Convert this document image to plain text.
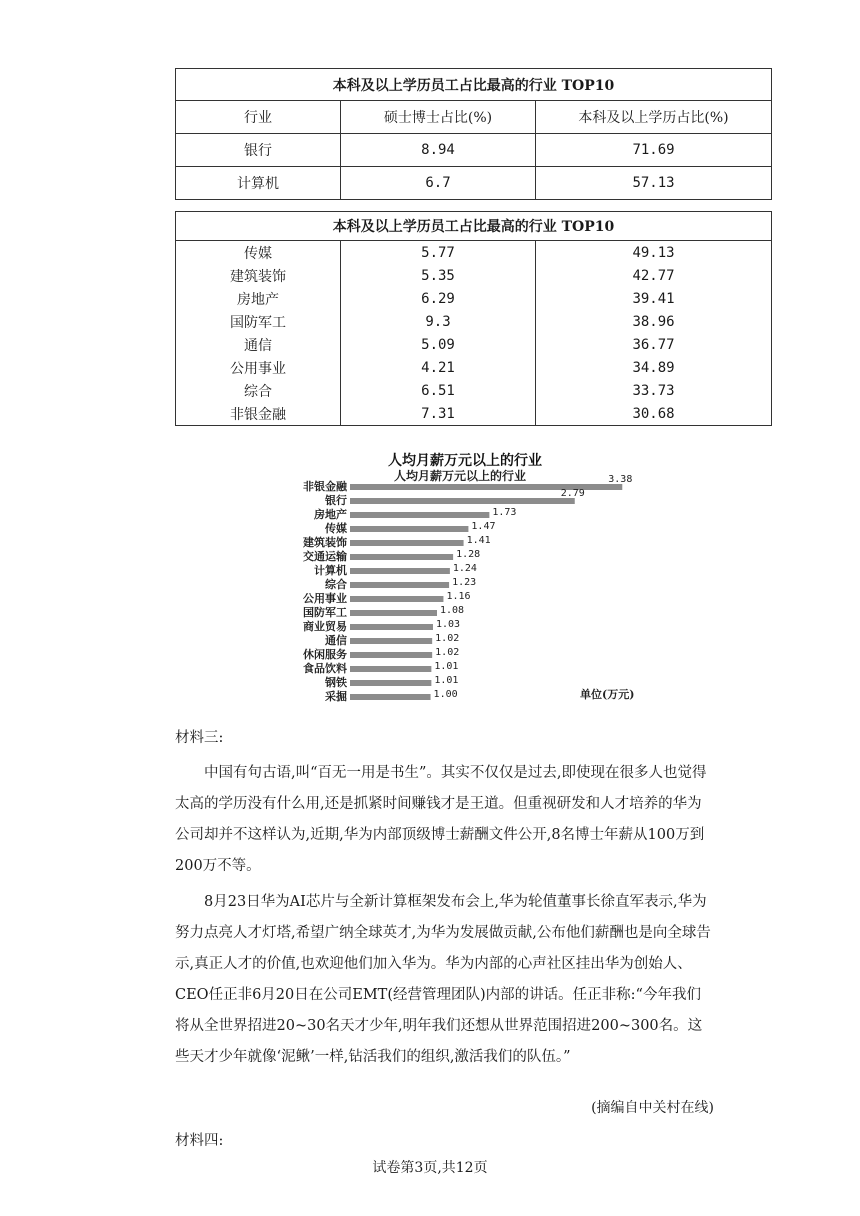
本科及以上学历员工占比最高的行业 TOP10		
行业	硕士博士占比(%)	本科及以上学历占比(%)
银行	8.94	71.69
计算机	6.7	57.13
本科及以上学历员工占比最高的行业 TOP10		
传媒	5.77	49.13
建筑装饰	5.35	42.77
房地产	6.29	39.41
国防军工	9.3	38.96
通信	5.09	36.77
公用事业	4.21	34.89
综合	6.51	33.73
非银金融	7.31	30.68
人均月薪万元以上的行业
人均月薪万元以上的行业
非银金融
3.38
银行
2.79
房地产	1.73
传媒	1.47
建筑装饰	1.41
交通运输	1.28
计算机	1.24
综合	1.23
公用事业	1.16
国防军工	1.08
商业贸易	1.03
通信	1.02
休闲服务	1.02
食品饮料	1.01
钢铁	1.01
采掘	1.00	单位(万元)

材料三:

中国有句古语,叫“百无一用是书生”。其实不仅仅是过去,即使现在很多人也觉得太高的学历没有什么用,还是抓紧时间赚钱才是王道。但重视研发和人才培养的华为公司却并不这样认为,近期,华为内部顶级博士薪酬文件公开,8名博士年薪从100万到200万不等。

8月23日华为AI芯片与全新计算框架发布会上,华为轮值董事长徐直军表示,华为努力点亮人才灯塔,希望广纳全球英才,为华为发展做贡献,公布他们薪酬也是向全球告示,真正人才的价值,也欢迎他们加入华为。华为内部的心声社区挂出华为创始人、CEO任正非6月20日在公司EMT(经营管理团队)内部的讲话。任正非称:“今年我们将从全世界招进20~30名天才少年,明年我们还想从世界范围招进200~300名。这些天才少年就像‘泥鳅’一样,钻活我们的组织,激活我们的队伍。”

(摘编自中关村在线)

材料四:

试卷第3页,共12页
